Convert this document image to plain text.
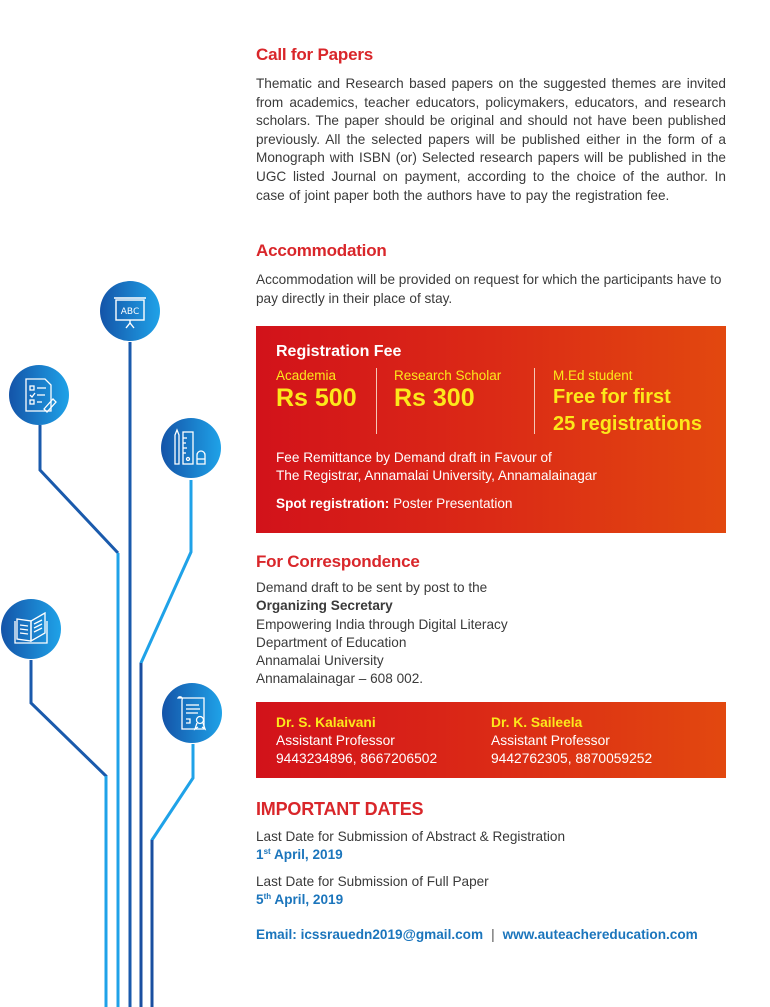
ABC
Call for Papers
Thematic and Research based papers on the suggested themes are invited from academics, teacher educators, policymakers, educators, and research scholars. The paper should be original and should not have been published previously. All the selected papers will be published either in the form of a Monograph with ISBN (or) Selected research papers will be published in the UGC listed Journal on payment, according to the choice of the author. In case of joint paper both the authors have to pay the registration fee.
Accommodation
Accommodation will be provided on request for which the participants have to pay directly in their place of stay.
Registration Fee
Academia
Rs 500
Research Scholar
Rs 300
M.Ed student
Free for first
25 registrations
Fee Remittance by Demand draft in Favour of
The Registrar, Annamalai University, Annamalainagar
Spot registration: Poster Presentation
For Correspondence
Demand draft to be sent by post to the
Organizing Secretary
Empowering India through Digital Literacy
Department of Education
Annamalai University
Annamalainagar – 608 002.
Dr. S. Kalaivani
Assistant Professor
9443234896, 8667206502
Dr. K. Saileela
Assistant Professor
9442762305, 8870059252
IMPORTANT DATES
Last Date for Submission of Abstract & Registration
1st April, 2019
Last Date for Submission of Full Paper
5th April, 2019
Email: icssrauedn2019@gmail.com | www.auteachereducation.com
